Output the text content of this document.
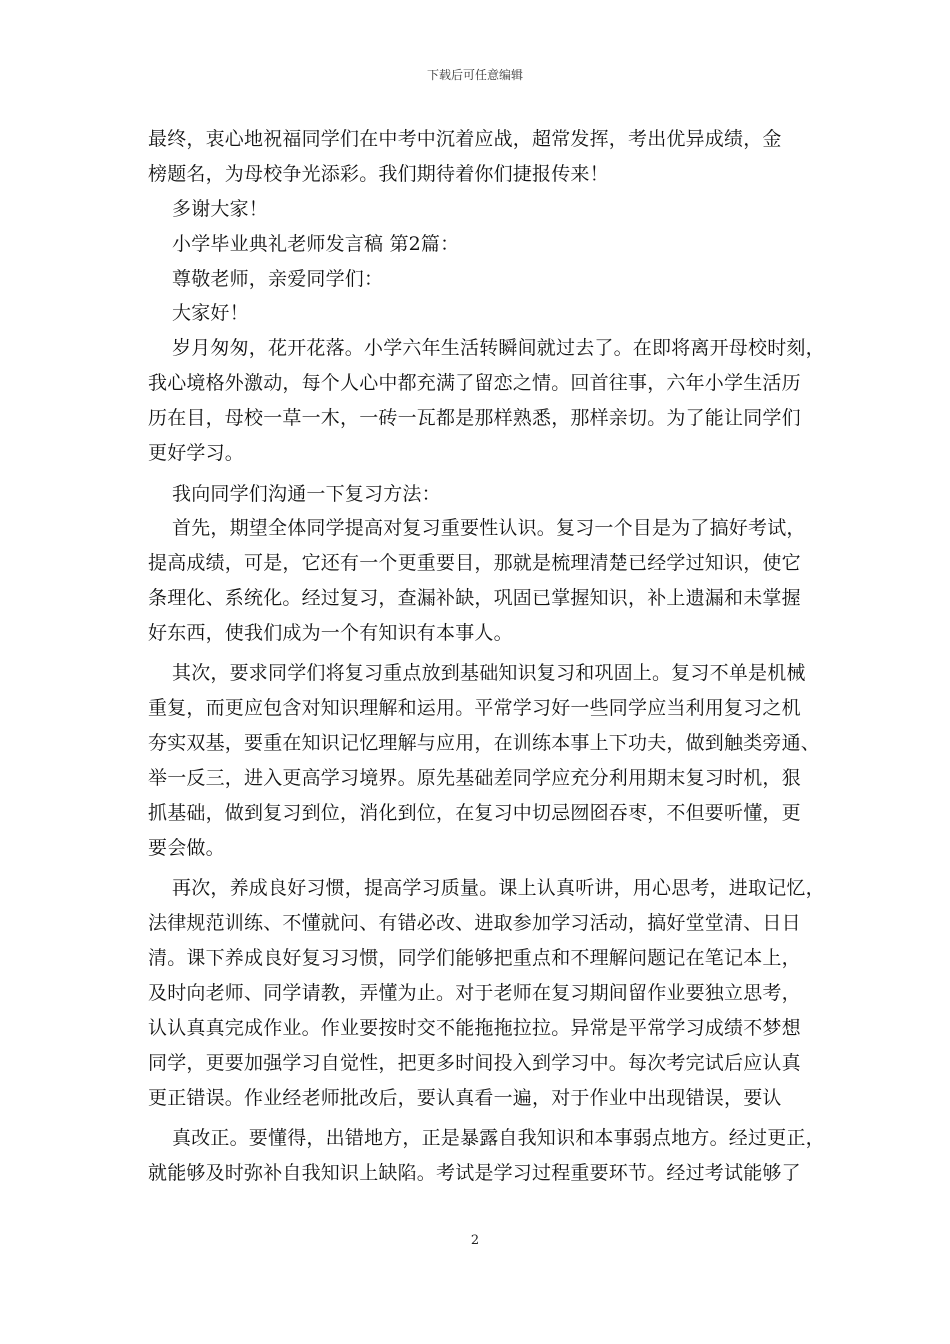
下载后可任意编辑
最终，衷心地祝福同学们在中考中沉着应战，超常发挥，考出优异成绩，金
榜题名，为母校争光添彩。我们期待着你们捷报传来！
多谢大家！
小学毕业典礼老师发言稿 第2篇：
尊敬老师，亲爱同学们：
大家好！
岁月匆匆，花开花落。小学六年生活转瞬间就过去了。在即将离开母校时刻，
我心境格外激动，每个人心中都充满了留恋之情。回首往事，六年小学生活历
历在目，母校一草一木，一砖一瓦都是那样熟悉，那样亲切。为了能让同学们
更好学习。
我向同学们沟通一下复习方法：
首先，期望全体同学提高对复习重要性认识。复习一个目是为了搞好考试，
提高成绩，可是，它还有一个更重要目，那就是梳理清楚已经学过知识，使它
条理化、系统化。经过复习，查漏补缺，巩固已掌握知识，补上遗漏和未掌握
好东西，使我们成为一个有知识有本事人。
其次，要求同学们将复习重点放到基础知识复习和巩固上。复习不单是机械
重复，而更应包含对知识理解和运用。平常学习好一些同学应当利用复习之机
夯实双基，要重在知识记忆理解与应用，在训练本事上下功夫，做到触类旁通、
举一反三，进入更高学习境界。原先基础差同学应充分利用期末复习时机，狠
抓基础，做到复习到位，消化到位，在复习中切忌囫囵吞枣，不但要听懂，更
要会做。
再次，养成良好习惯，提高学习质量。课上认真听讲，用心思考，进取记忆，
法律规范训练、不懂就问、有错必改、进取参加学习活动，搞好堂堂清、日日
清。课下养成良好复习习惯，同学们能够把重点和不理解问题记在笔记本上，
及时向老师、同学请教，弄懂为止。对于老师在复习期间留作业要独立思考，
认认真真完成作业。作业要按时交不能拖拖拉拉。异常是平常学习成绩不梦想
同学，更要加强学习自觉性，把更多时间投入到学习中。每次考完试后应认真
更正错误。作业经老师批改后，要认真看一遍，对于作业中出现错误，要认
真改正。要懂得，出错地方，正是暴露自我知识和本事弱点地方。经过更正，
就能够及时弥补自我知识上缺陷。考试是学习过程重要环节。经过考试能够了
2
